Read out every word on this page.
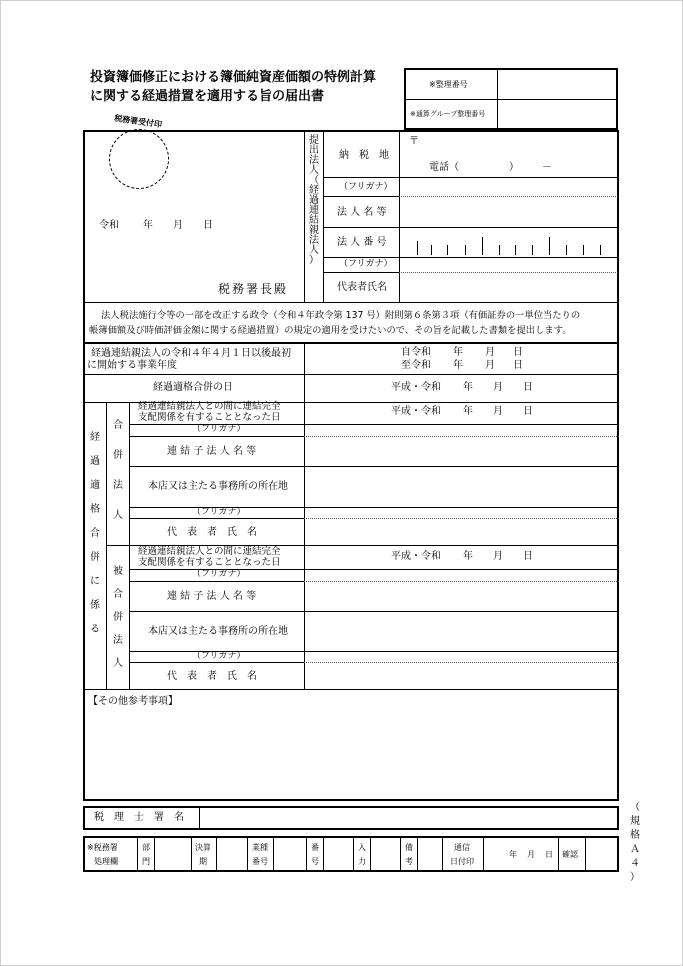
投資簿価修正における簿価純資産価額の特例計算
に関する経過措置を適用する旨の届出書
※整理番号
※通算グループ整理番号
税務署受付印
令和 年 月 日
税務署長殿
提
出
法
人
（
経
過
連
結
親
法
人
）
納　税　地
〒
電話（	） －
（フリガナ）
法 人 名 等
法 人 番 号
（フリガナ）
代表者氏名
法人税法施行令等の一部を改正する政令（令和４年政令第 137 号）附則第６条第３項（有価証券の一単位当たりの
帳簿価額及び時価評価金額に関する経過措置）の規定の適用を受けたいので、その旨を記載した書類を提出します。
経過連結親法人の令和４年４月１日以後最初
に開始する事業年度
自令和 年 月 日
至令和 年 月 日
経過適格合併の日	平成・令和 年 月 日
経
過
適
格
合
併
に
係
る
合
併
法
人
経過連結親法人との間に連結完全
支配関係を有することとなった日
平成・令和 年 月 日
（フリガナ）
連 結 子 法 人 名 等
本店又は主たる事務所の所在地
（フリガナ）
代　表　者　氏　名
被
合
併
法
人
経過連結親法人との間に連結完全
支配関係を有することとなった日
平成・令和 年 月 日
（フリガナ）
連 結 子 法 人 名 等
本店又は主たる事務所の所在地
（フリガナ）
代　表　者　氏　名
【その他参考事項】
税　理　士　署　名
（
規
格
Ａ
４
）
※税務署
処理欄
部
門
決算
期
業種
番号
番
号
入
力
備
考
通信
日付印
年 月 日 確認
